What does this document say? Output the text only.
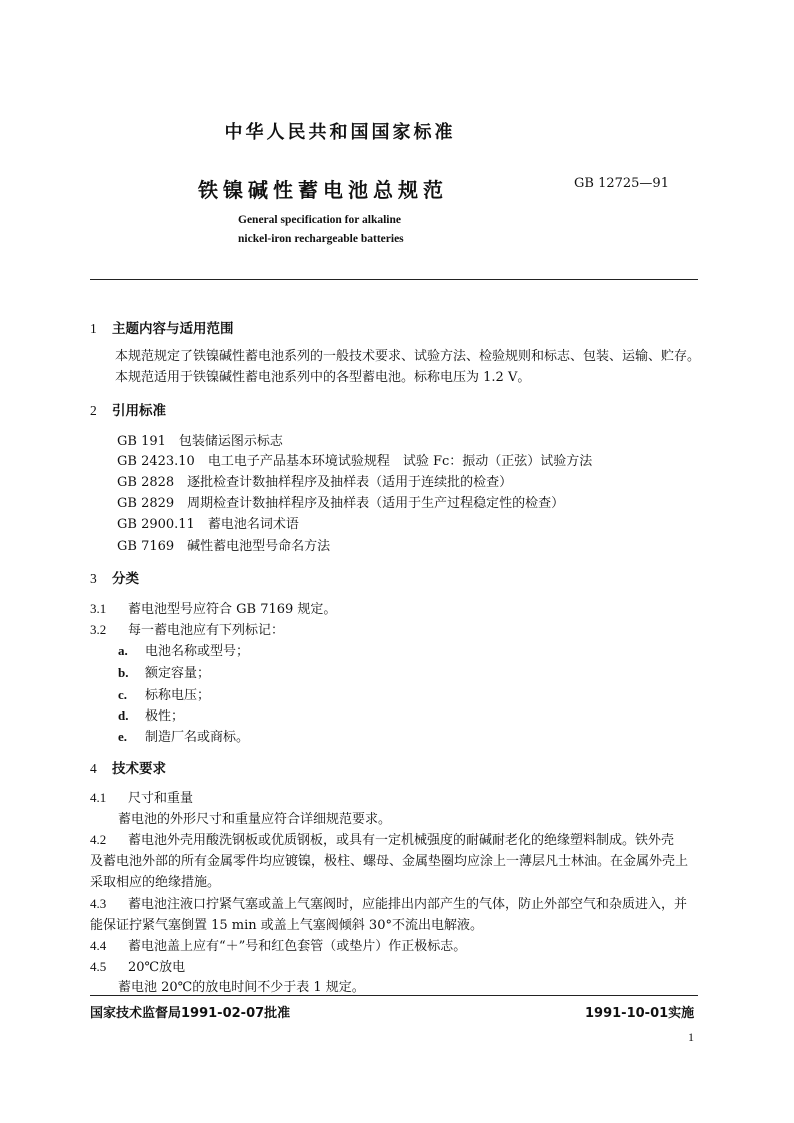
中华人民共和国国家标准
铁镍碱性蓄电池总规范	GB 12725—91
General specification for alkaline
nickel-iron rechargeable batteries
1 主题内容与适用范围
本规范规定了铁镍碱性蓄电池系列的一般技术要求、试验方法、检验规则和标志、包装、运输、贮存。
本规范适用于铁镍碱性蓄电池系列中的各型蓄电池。标称电压为 1.2 V。
2 引用标准
GB 191　包装储运图示标志
GB 2423.10　电工电子产品基本环境试验规程　试验 Fc：振动（正弦）试验方法
GB 2828　逐批检查计数抽样程序及抽样表（适用于连续批的检查）
GB 2829　周期检查计数抽样程序及抽样表（适用于生产过程稳定性的检查）
GB 2900.11　蓄电池名词术语
GB 7169　碱性蓄电池型号命名方法
3 分类
3.1 蓄电池型号应符合 GB 7169 规定。
3.2 每一蓄电池应有下列标记：
a. 电池名称或型号；
b. 额定容量；
c. 标称电压；
d. 极性；
e. 制造厂名或商标。
4 技术要求
4.1 尺寸和重量
蓄电池的外形尺寸和重量应符合详细规范要求。
4.2 蓄电池外壳用酸洗钢板或优质钢板，或具有一定机械强度的耐碱耐老化的绝缘塑料制成。铁外壳
及蓄电池外部的所有金属零件均应镀镍，极柱、螺母、金属垫圈均应涂上一薄层凡士林油。在金属外壳上
采取相应的绝缘措施。
4.3 蓄电池注液口拧紧气塞或盖上气塞阀时，应能排出内部产生的气体，防止外部空气和杂质进入，并
能保证拧紧气塞倒置 15 min 或盖上气塞阀倾斜 30°不流出电解液。
4.4 蓄电池盖上应有“＋”号和红色套管（或垫片）作正极标志。
4.5 20℃放电
蓄电池 20℃的放电时间不少于表 1 规定。
国家技术监督局1991-02-07批准	1991-10-01实施
1
